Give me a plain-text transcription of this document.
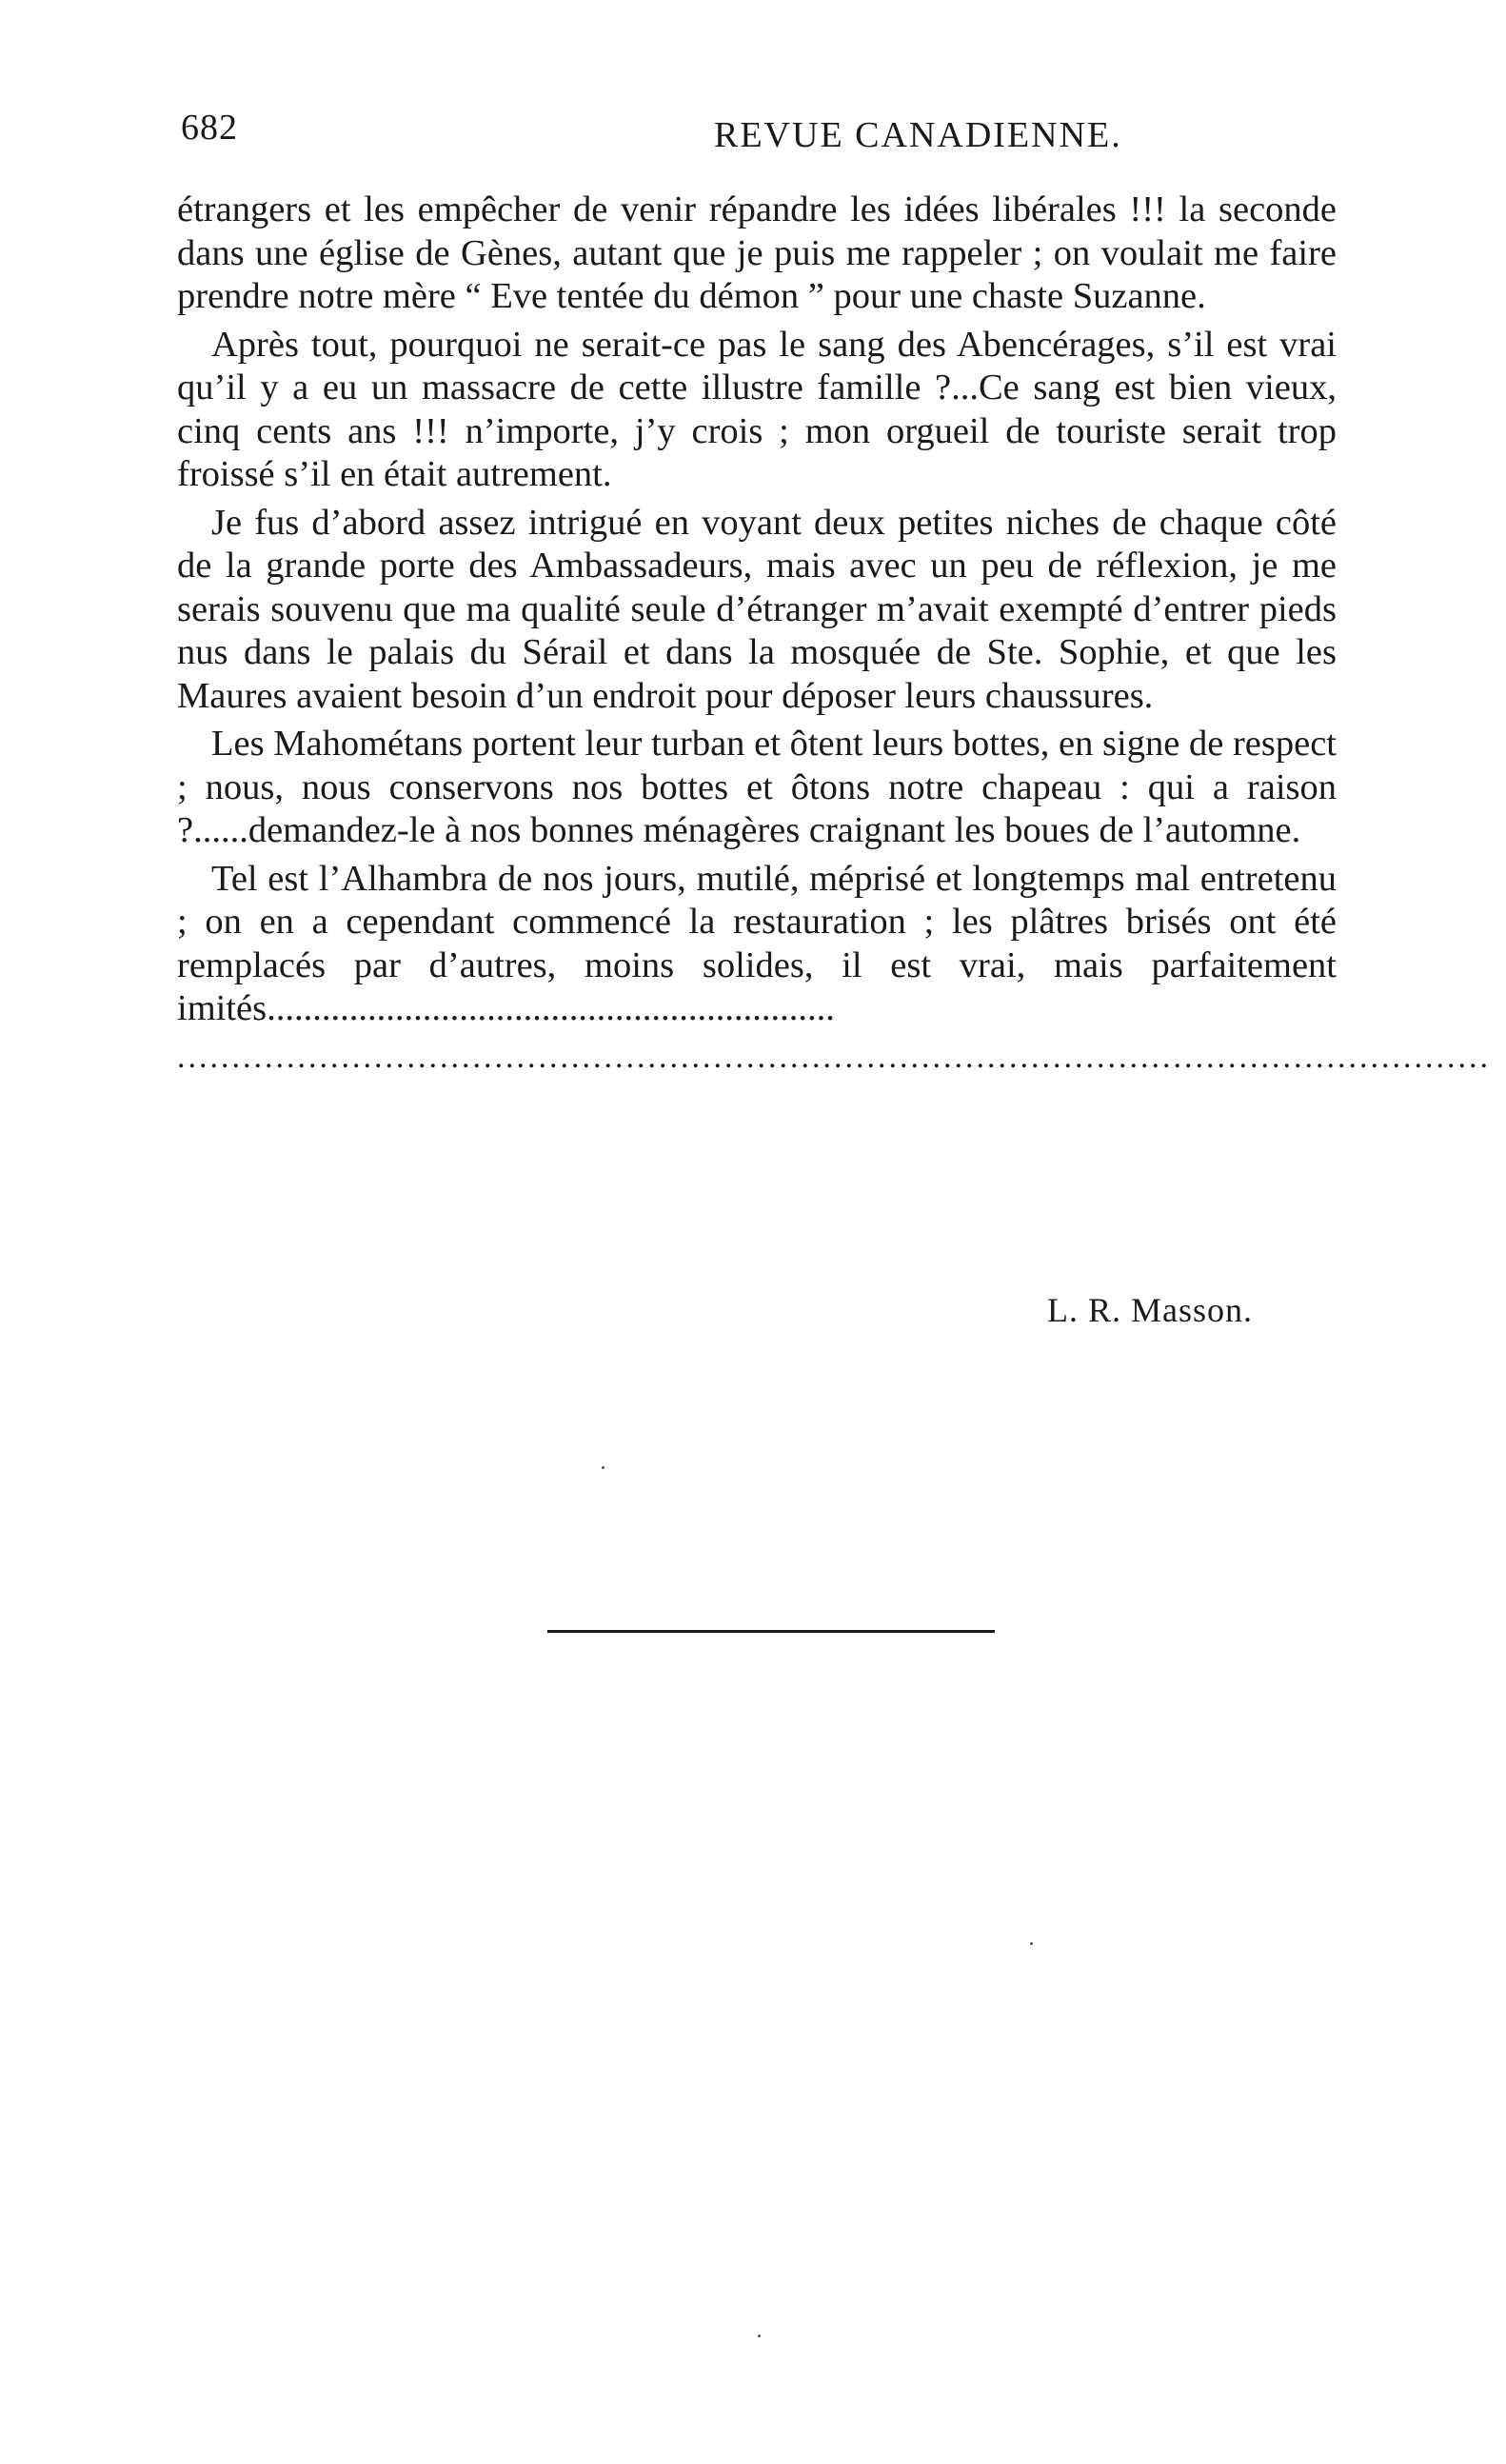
682	REVUE CANADIENNE.

étrangers et les empêcher de venir répandre les idées libérales !!! la seconde dans une église de Gènes, autant que je puis me rappeler ; on voulait me faire prendre notre mère “ Eve tentée du démon ” pour une chaste Suzanne.

Après tout, pourquoi ne serait-ce pas le sang des Abencérages, s’il est vrai qu’il y a eu un massacre de cette illustre famille ?...Ce sang est bien vieux, cinq cents ans !!! n’importe, j’y crois ; mon orgueil de touriste serait trop froissé s’il en était autrement.

Je fus d’abord assez intrigué en voyant deux petites niches de chaque côté de la grande porte des Ambassadeurs, mais avec un peu de réflexion, je me serais souvenu que ma qualité seule d’étranger m’avait exempté d’entrer pieds nus dans le palais du Sérail et dans la mosquée de Ste. Sophie, et que les Maures avaient besoin d’un endroit pour déposer leurs chaussures.

Les Mahométans portent leur turban et ôtent leurs bottes, en signe de respect ; nous, nous conservons nos bottes et ôtons notre chapeau : qui a raison ?......demandez-le à nos bonnes ménagères craignant les boues de l’automne.

Tel est l’Alhambra de nos jours, mutilé, méprisé et longtemps mal entretenu ; on en a cependant commencé la restauration ; les plâtres brisés ont été remplacés par d’autres, moins solides, il est vrai, mais parfaitement imités..............................................................

........................................................................................................................
L. R. Masson.
